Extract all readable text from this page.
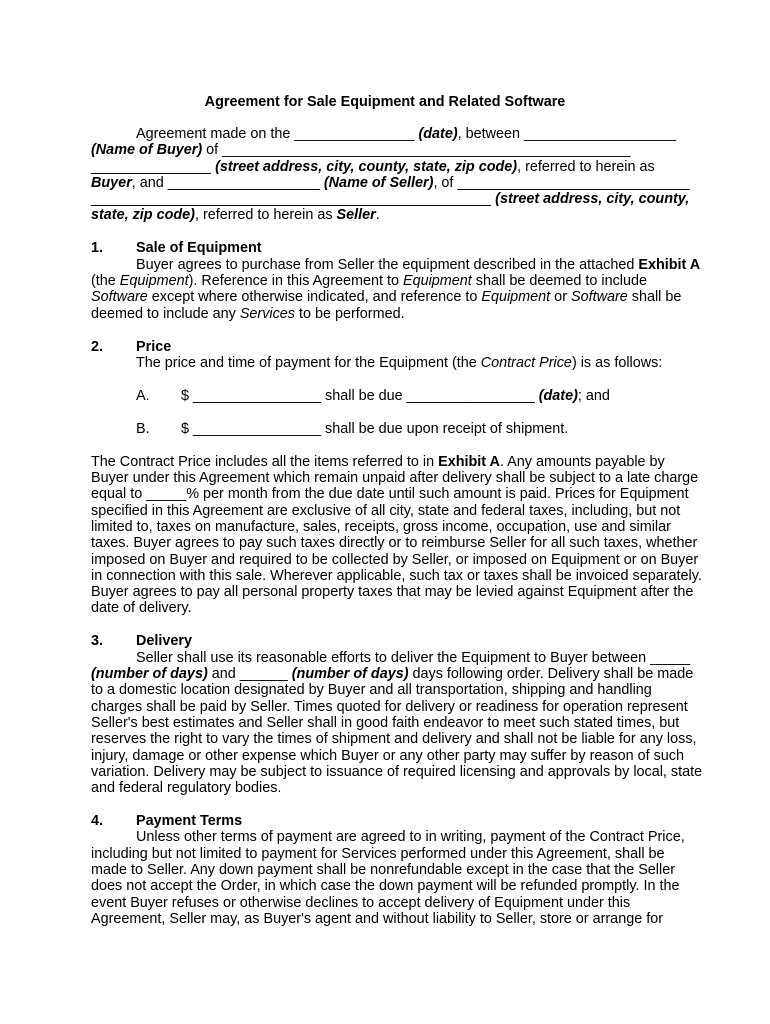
Agreement for Sale Equipment and Related Software
Agreement made on the _______________ (date), between ___________________
(Name of Buyer) of ___________________________________________________
_______________ (street address, city, county, state, zip code), referred to herein as
Buyer, and ___________________ (Name of Seller), of _____________________________
__________________________________________________ (street address, city, county,
state, zip code), referred to herein as Seller.
1. Sale of Equipment
Buyer agrees to purchase from Seller the equipment described in the attached Exhibit A
(the Equipment). Reference in this Agreement to Equipment shall be deemed to include
Software except where otherwise indicated, and reference to Equipment or Software shall be
deemed to include any Services to be performed.
2. Price
The price and time of payment for the Equipment (the Contract Price) is as follows:
A. $ ________________ shall be due ________________ (date); and
B. $ ________________ shall be due upon receipt of shipment.
The Contract Price includes all the items referred to in Exhibit A. Any amounts payable by
Buyer under this Agreement which remain unpaid after delivery shall be subject to a late charge
equal to _____% per month from the due date until such amount is paid. Prices for Equipment
specified in this Agreement are exclusive of all city, state and federal taxes, including, but not
limited to, taxes on manufacture, sales, receipts, gross income, occupation, use and similar
taxes. Buyer agrees to pay such taxes directly or to reimburse Seller for all such taxes, whether
imposed on Buyer and required to be collected by Seller, or imposed on Equipment or on Buyer
in connection with this sale. Wherever applicable, such tax or taxes shall be invoiced separately.
Buyer agrees to pay all personal property taxes that may be levied against Equipment after the
date of delivery.
3. Delivery
Seller shall use its reasonable efforts to deliver the Equipment to Buyer between _____
(number of days) and ______ (number of days) days following order. Delivery shall be made
to a domestic location designated by Buyer and all transportation, shipping and handling
charges shall be paid by Seller. Times quoted for delivery or readiness for operation represent
Seller's best estimates and Seller shall in good faith endeavor to meet such stated times, but
reserves the right to vary the times of shipment and delivery and shall not be liable for any loss,
injury, damage or other expense which Buyer or any other party may suffer by reason of such
variation. Delivery may be subject to issuance of required licensing and approvals by local, state
and federal regulatory bodies.
4. Payment Terms
Unless other terms of payment are agreed to in writing, payment of the Contract Price,
including but not limited to payment for Services performed under this Agreement, shall be
made to Seller. Any down payment shall be nonrefundable except in the case that the Seller
does not accept the Order, in which case the down payment will be refunded promptly. In the
event Buyer refuses or otherwise declines to accept delivery of Equipment under this
Agreement, Seller may, as Buyer's agent and without liability to Seller, store or arrange for
